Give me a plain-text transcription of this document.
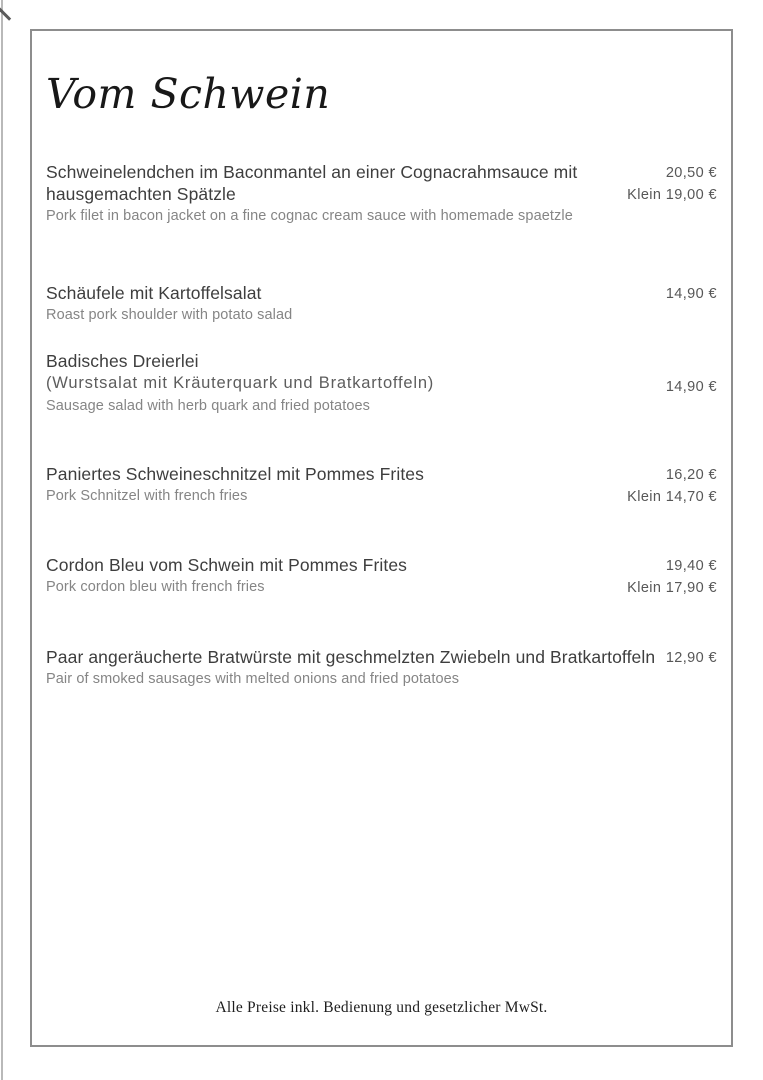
Vom Schwein
Schweinelendchen im Baconmantel an einer Cognacrahmsauce mit
hausgemachten Spätzle
Pork filet in bacon jacket on a fine cognac cream sauce with homemade spaetzle
20,50 €
Klein 19,00 €
Schäufele mit Kartoffelsalat
Roast pork shoulder with potato salad
14,90 €
Badisches Dreierlei
(Wurstsalat mit Kräuterquark und Bratkartoffeln)
Sausage salad with herb quark and fried potatoes
14,90 €
Paniertes Schweineschnitzel mit Pommes Frites
Pork Schnitzel with french fries
16,20 €
Klein 14,70 €
Cordon Bleu vom Schwein mit Pommes Frites
Pork cordon bleu with french fries
19,40 €
Klein 17,90 €
Paar angeräucherte Bratwürste mit geschmelzten Zwiebeln und Bratkartoffeln
Pair of smoked sausages with melted onions and fried potatoes
12,90 €
Alle Preise inkl. Bedienung und gesetzlicher MwSt.
